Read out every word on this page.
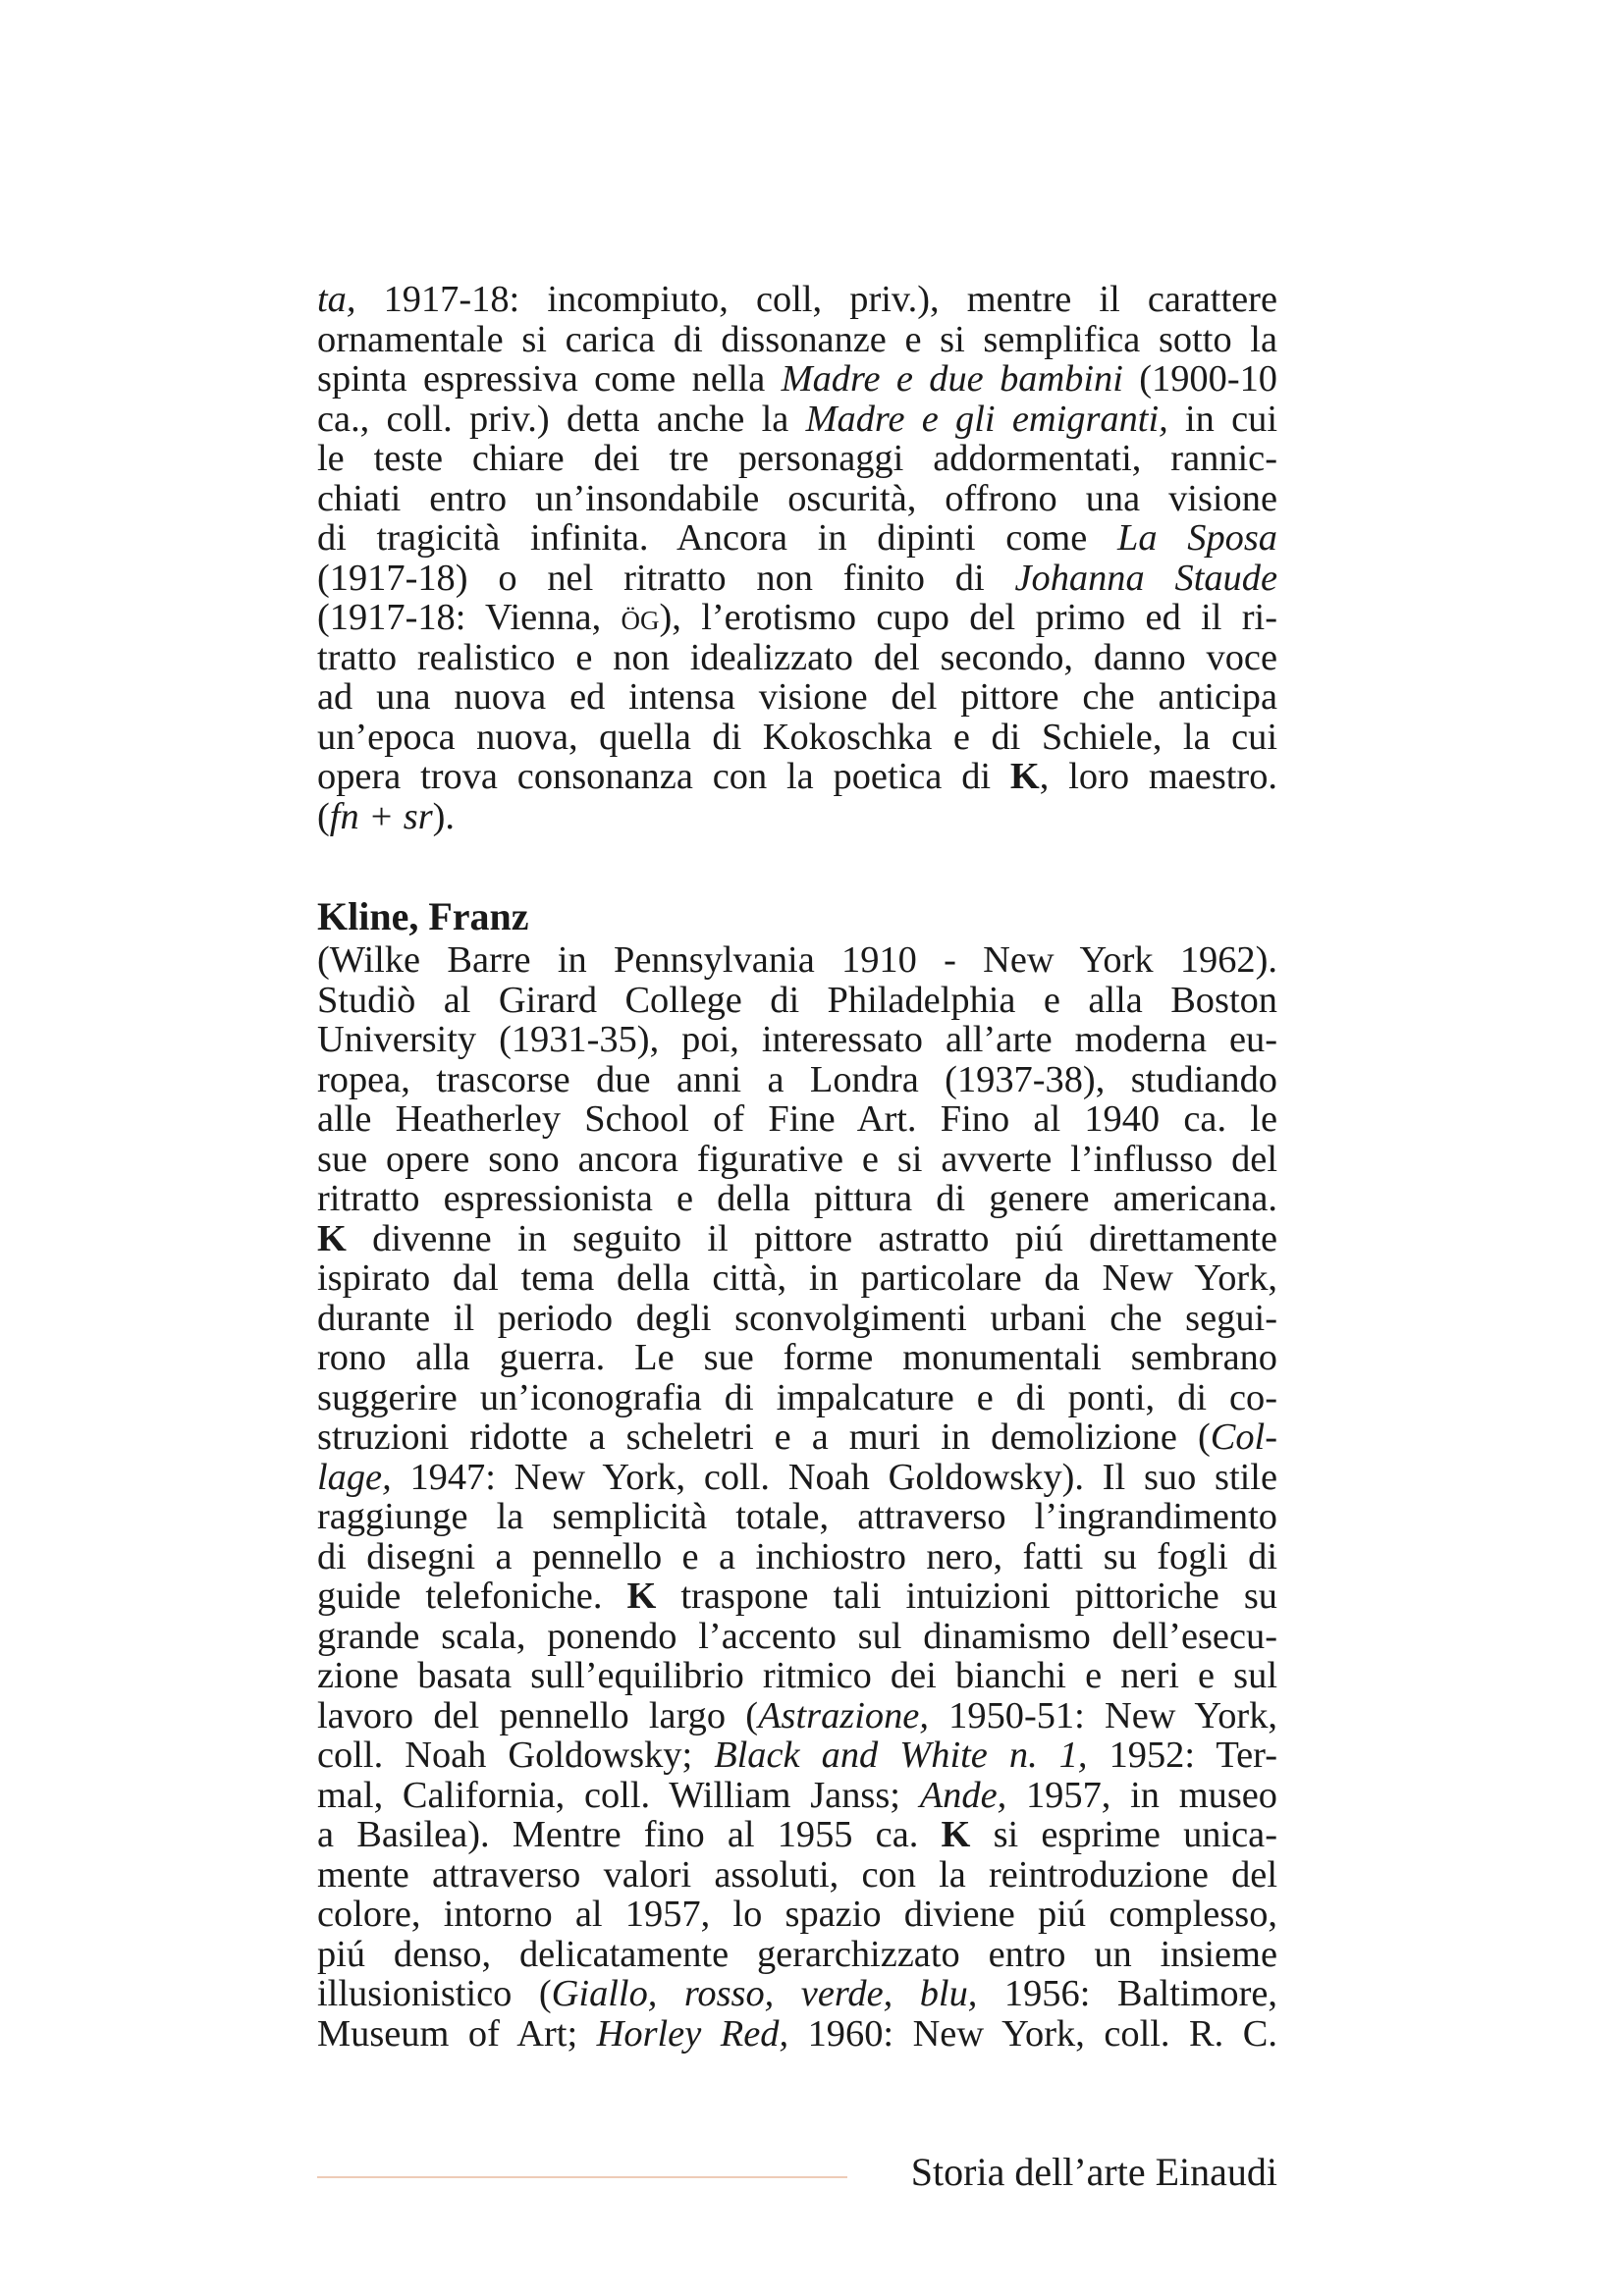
ta, 1917-18: incompiuto, coll, priv.), mentre il carattere
ornamentale si carica di dissonanze e si semplifica sotto la
spinta espressiva come nella Madre e due bambini (1900-10
ca., coll. priv.) detta anche la Madre e gli emigranti, in cui
le teste chiare dei tre personaggi addormentati, rannic-
chiati entro un’insondabile oscurità, offrono una visione
di tragicità infinita. Ancora in dipinti come La Sposa
(1917-18) o nel ritratto non finito di Johanna Staude
(1917-18: Vienna, ög), l’erotismo cupo del primo ed il ri-
tratto realistico e non idealizzato del secondo, danno voce
ad una nuova ed intensa visione del pittore che anticipa
un’epoca nuova, quella di Kokoschka e di Schiele, la cui
opera trova consonanza con la poetica di K, loro maestro.
(fn + sr).
Kline, Franz
(Wilke Barre in Pennsylvania 1910 - New York 1962).
Studiò al Girard College di Philadelphia e alla Boston
University (1931-35), poi, interessato all’arte moderna eu-
ropea, trascorse due anni a Londra (1937-38), studiando
alle Heatherley School of Fine Art. Fino al 1940 ca. le
sue opere sono ancora figurative e si avverte l’influsso del
ritratto espressionista e della pittura di genere americana.
K divenne in seguito il pittore astratto piú direttamente
ispirato dal tema della città, in particolare da New York,
durante il periodo degli sconvolgimenti urbani che segui-
rono alla guerra. Le sue forme monumentali sembrano
suggerire un’iconografia di impalcature e di ponti, di co-
struzioni ridotte a scheletri e a muri in demolizione (Col-
lage, 1947: New York, coll. Noah Goldowsky). Il suo stile
raggiunge la semplicità totale, attraverso l’ingrandimento
di disegni a pennello e a inchiostro nero, fatti su fogli di
guide telefoniche. K traspone tali intuizioni pittoriche su
grande scala, ponendo l’accento sul dinamismo dell’esecu-
zione basata sull’equilibrio ritmico dei bianchi e neri e sul
lavoro del pennello largo (Astrazione, 1950-51: New York,
coll. Noah Goldowsky; Black and White n. 1, 1952: Ter-
mal, California, coll. William Janss; Ande, 1957, in museo
a Basilea). Mentre fino al 1955 ca. K si esprime unica-
mente attraverso valori assoluti, con la reintroduzione del
colore, intorno al 1957, lo spazio diviene piú complesso,
piú denso, delicatamente gerarchizzato entro un insieme
illusionistico (Giallo, rosso, verde, blu, 1956: Baltimore,
Museum of Art; Horley Red, 1960: New York, coll. R. C.
Storia dell’arte Einaudi
